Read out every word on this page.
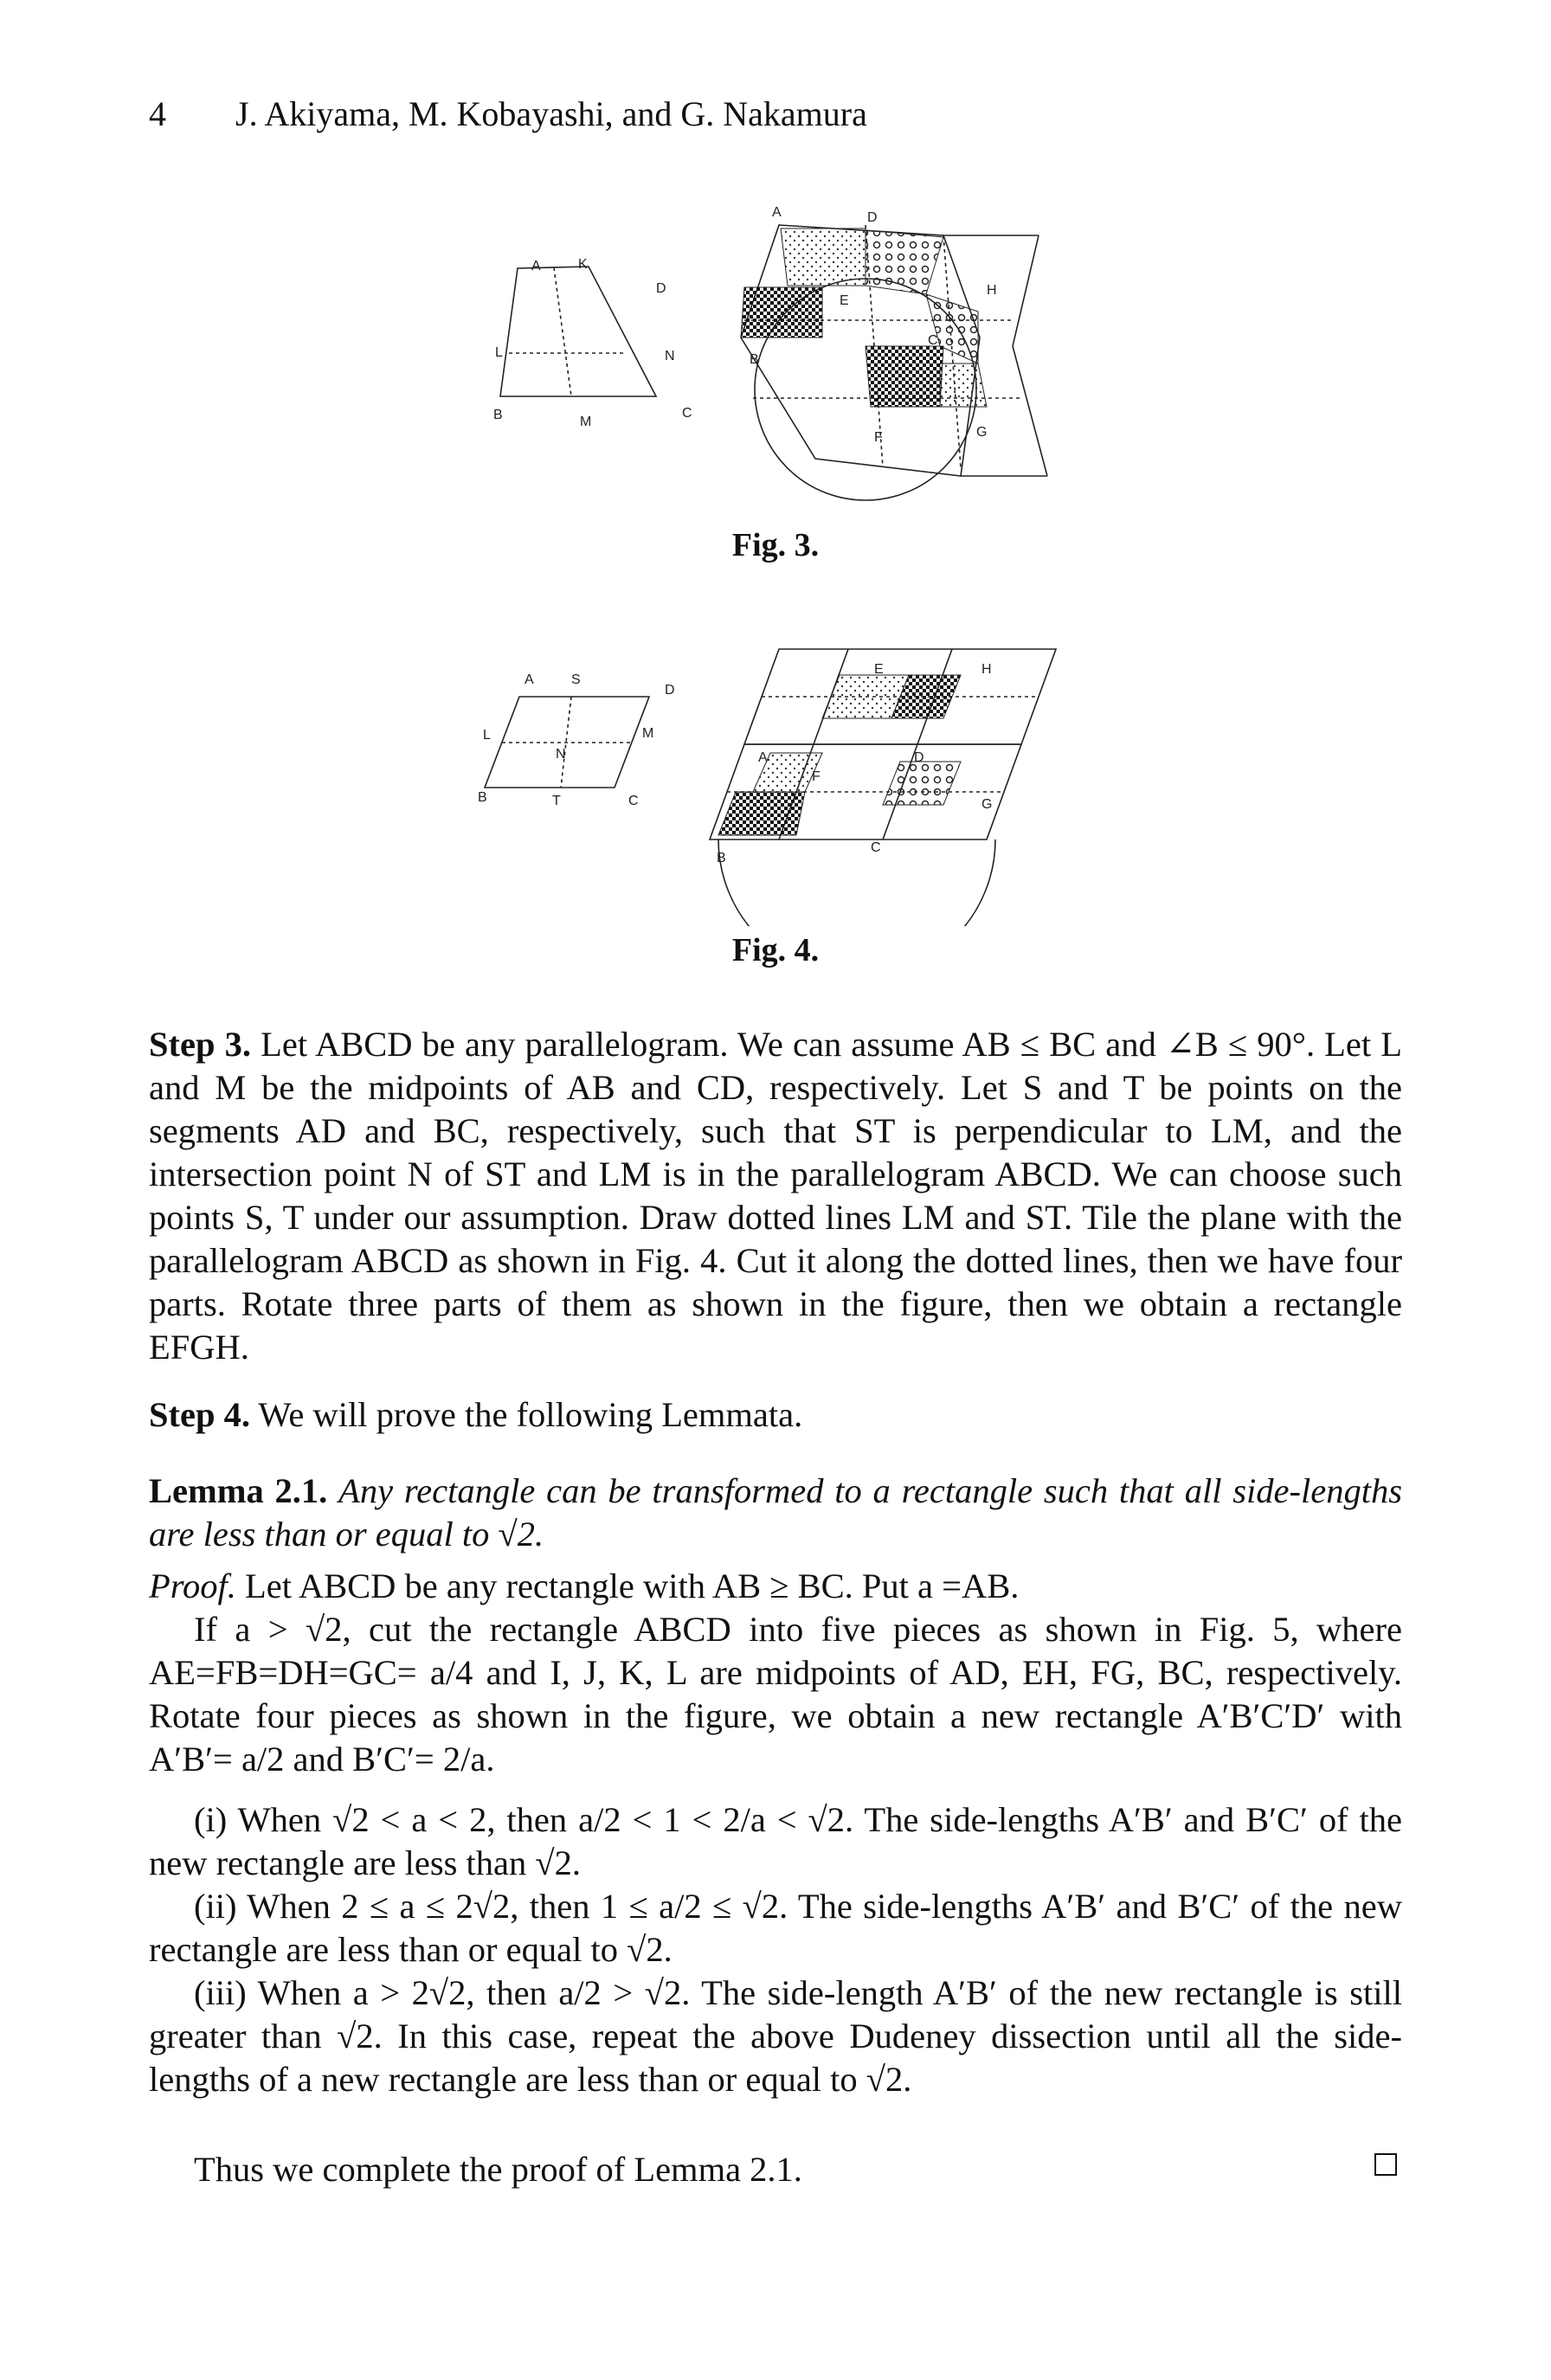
4 J. Akiyama, M. Kobayashi, and G. Nakamura
A	K
D
L	N
B	M
C
A	D
H
E
B
C
F	G
Fig. 3.
A	S
D
L
N
M
B	T	C
E	H
A	D
F
G
B
C
Fig. 4.

Step 3. Let ABCD be any parallelogram. We can assume AB ≤ BC and ∠B ≤ 90°. Let L and M be the midpoints of AB and CD, respectively. Let S and T be points on the segments AD and BC, respectively, such that ST is perpendicular to LM, and the intersection point N of ST and LM is in the parallelogram ABCD. We can choose such points S, T under our assumption. Draw dotted lines LM and ST. Tile the plane with the parallelogram ABCD as shown in Fig. 4. Cut it along the dotted lines, then we have four parts. Rotate three parts of them as shown in the figure, then we obtain a rectangle EFGH.

Step 4. We will prove the following Lemmata.

Lemma 2.1. Any rectangle can be transformed to a rectangle such that all side-lengths are less than or equal to √2.

Proof. Let ABCD be any rectangle with AB ≥ BC. Put a =AB.

If a > √2, cut the rectangle ABCD into five pieces as shown in Fig. 5, where AE=FB=DH=GC= a/4 and I, J, K, L are midpoints of AD, EH, FG, BC, respectively. Rotate four pieces as shown in the figure, we obtain a new rectangle A′B′C′D′ with A′B′= a/2 and B′C′= 2/a.

(i) When √2 < a < 2, then a/2 < 1 < 2/a < √2. The side-lengths A′B′ and B′C′ of the new rectangle are less than √2.

(ii) When 2 ≤ a ≤ 2√2, then 1 ≤ a/2 ≤ √2. The side-lengths A′B′ and B′C′ of the new rectangle are less than or equal to √2.

(iii) When a > 2√2, then a/2 > √2. The side-length A′B′ of the new rectangle is still greater than √2. In this case, repeat the above Dudeney dissection until all the side-lengths of a new rectangle are less than or equal to √2.

Thus we complete the proof of Lemma 2.1.
